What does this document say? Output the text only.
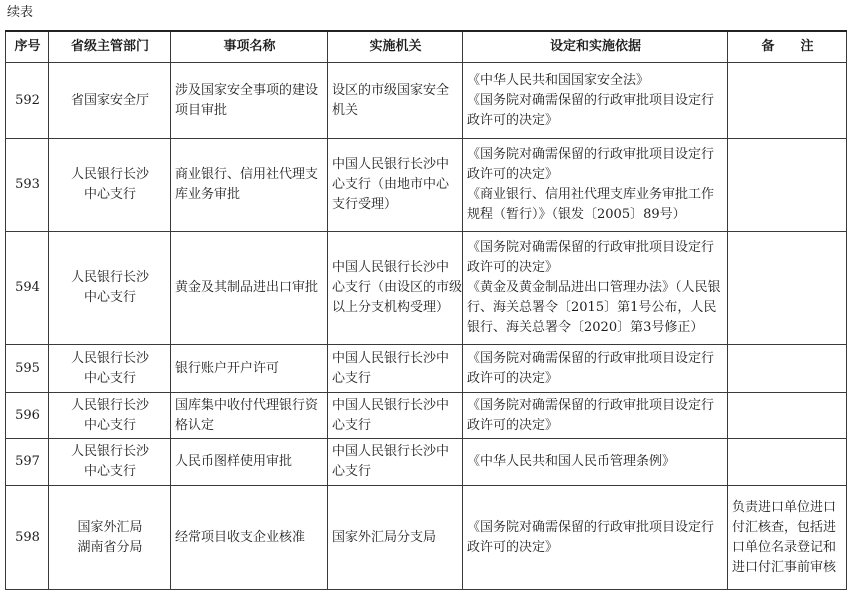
续表
序号	省级主管部门	事项名称	实施机关	设定和实施依据	备　　注
592	省国家安全厅	涉及国家安全事项的建设
项目审批	设区的市级国家安全
机关	《中华人民共和国国家安全法》
《国务院对确需保留的行政审批项目设定行
政许可的决定》	
593	人民银行长沙
中心支行	商业银行、信用社代理支
库业务审批	中国人民银行长沙中
心支行（由地市中心
支行受理）	《国务院对确需保留的行政审批项目设定行
政许可的决定》
《商业银行、信用社代理支库业务审批工作
规程（暂行）》（银发〔2005〕89号）	
594	人民银行长沙
中心支行	黄金及其制品进出口审批	中国人民银行长沙中
心支行（由设区的市级
以上分支机构受理）	《国务院对确需保留的行政审批项目设定行
政许可的决定》
《黄金及黄金制品进出口管理办法》（人民银
行、海关总署令〔2015〕第1号公布，人民
银行、海关总署令〔2020〕第3号修正）	
595	人民银行长沙
中心支行	银行账户开户许可	中国人民银行长沙中
心支行	《国务院对确需保留的行政审批项目设定行
政许可的决定》	
596	人民银行长沙
中心支行	国库集中收付代理银行资
格认定	中国人民银行长沙中
心支行	《国务院对确需保留的行政审批项目设定行
政许可的决定》	
597	人民银行长沙
中心支行	人民币图样使用审批	中国人民银行长沙中
心支行	《中华人民共和国人民币管理条例》	
598	国家外汇局
湖南省分局	经常项目收支企业核准	国家外汇局分支局	《国务院对确需保留的行政审批项目设定行
政许可的决定》	负责进口单位进口
付汇核查，包括进
口单位名录登记和
进口付汇事前审核
